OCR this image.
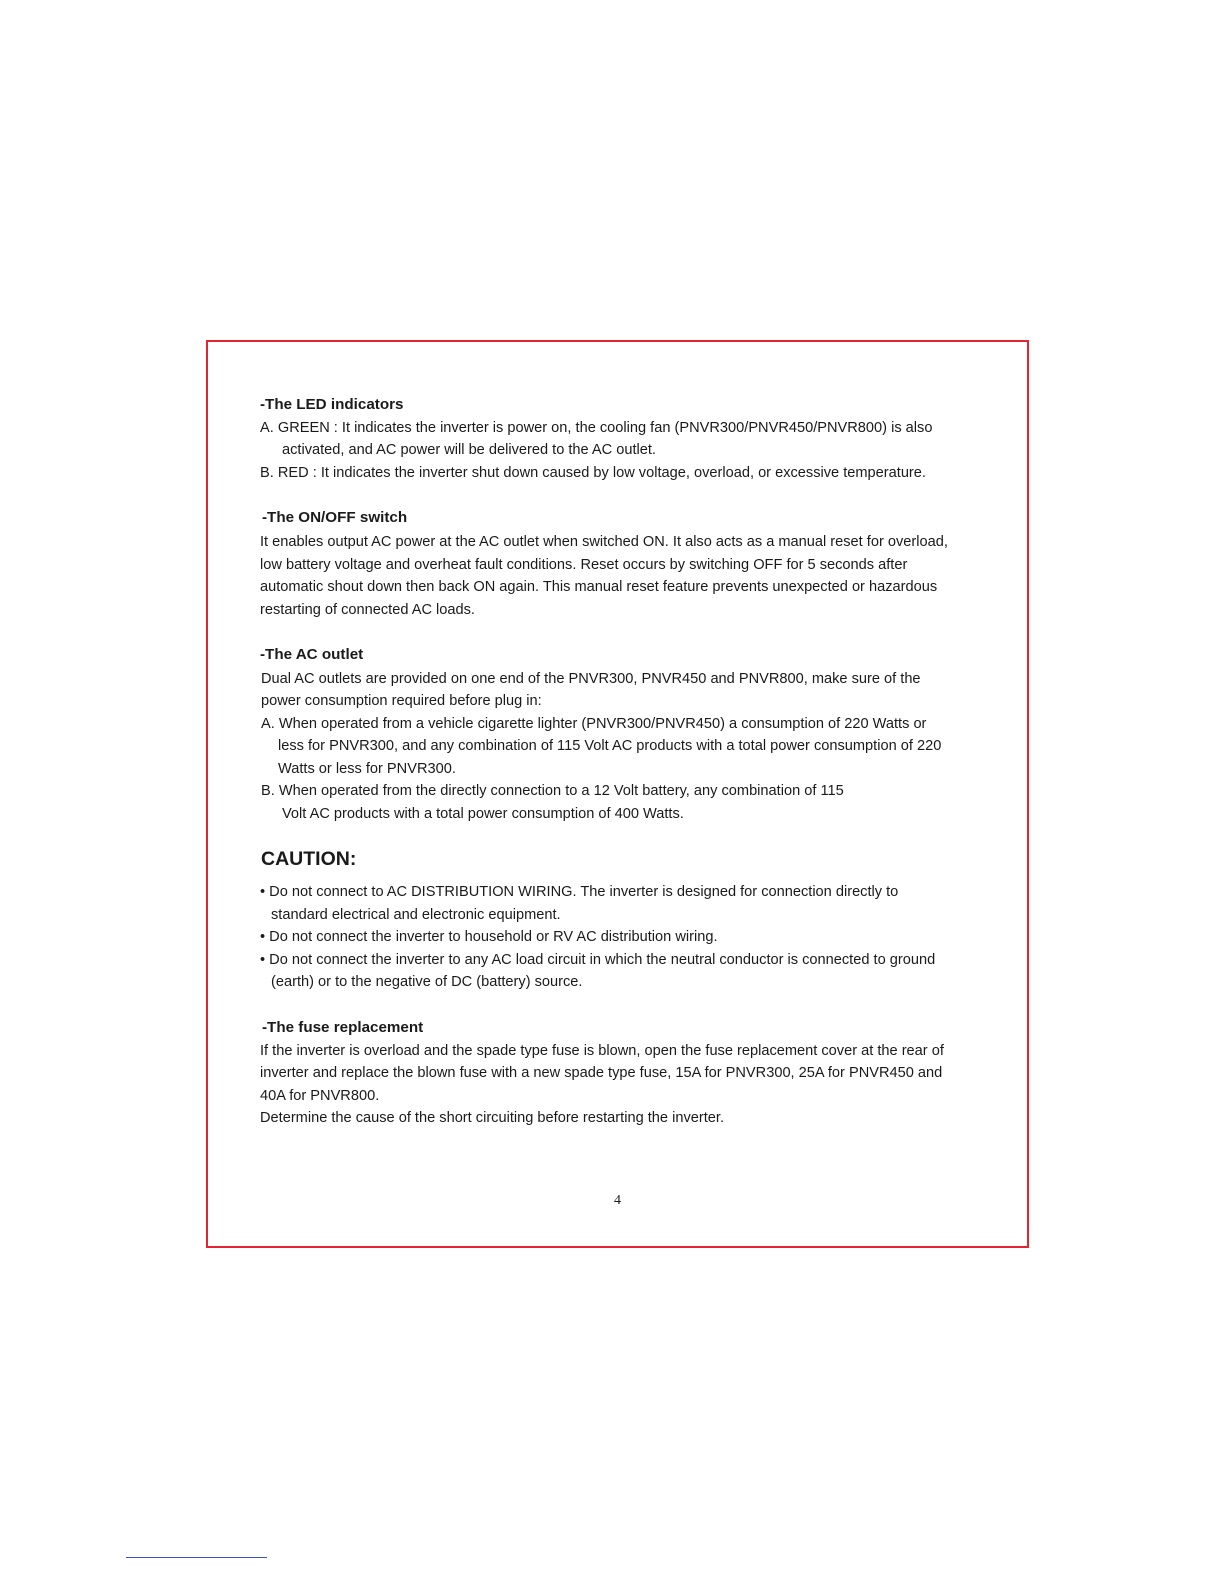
-The LED indicators
A. GREEN : It indicates the inverter is power on, the cooling fan (PNVR300/PNVR450/PNVR800) is also
activated, and AC power will be delivered to the AC outlet.
B. RED : It indicates the inverter shut down caused by low voltage, overload, or excessive temperature.
-The ON/OFF switch
It enables output AC power at the AC outlet when switched ON. It also acts as a manual reset for overload,
low battery voltage and overheat fault conditions. Reset occurs by switching OFF for 5 seconds after
automatic shout down then back ON again. This manual reset feature prevents unexpected or hazardous
restarting of connected AC loads.
-The AC outlet
Dual AC outlets are provided on one end of the PNVR300, PNVR450 and PNVR800, make sure of the
power consumption required before plug in:
A. When operated from a vehicle cigarette lighter (PNVR300/PNVR450) a consumption of 220 Watts or
less for PNVR300, and any combination of 115 Volt AC products with a total power consumption of 220
Watts or less for PNVR300.
B. When operated from the directly connection to a 12 Volt battery, any combination of 115
Volt AC products with a total power consumption of 400 Watts.
CAUTION:
• Do not connect to AC DISTRIBUTION WIRING. The inverter is designed for connection directly to
standard electrical and electronic equipment.
• Do not connect the inverter to household or RV AC distribution wiring.
• Do not connect the inverter to any AC load circuit in which the neutral conductor is connected to ground
(earth) or to the negative of DC (battery) source.
-The fuse replacement
If the inverter is overload and the spade type fuse is blown, open the fuse replacement cover at the rear of
inverter and replace the blown fuse with a new spade type fuse, 15A for PNVR300, 25A for PNVR450 and
40A for PNVR800.
Determine the cause of the short circuiting before restarting the inverter.
4
